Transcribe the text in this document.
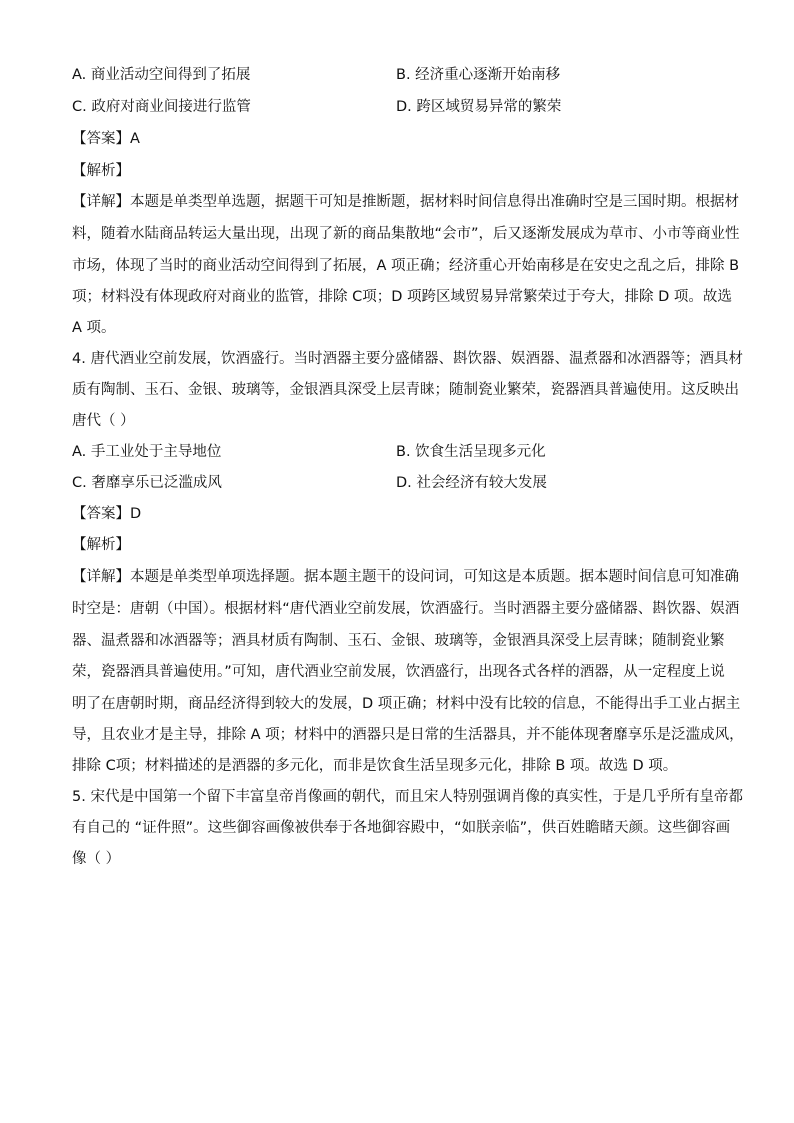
A. 商业活动空间得到了拓展	B. 经济重心逐渐开始南移
C. 政府对商业间接进行监管	D. 跨区域贸易异常的繁荣
【答案】A
【解析】
【详解】本题是单类型单选题，据题干可知是推断题，据材料时间信息得出准确时空是三国时期。根据材
料，随着水陆商品转运大量出现，出现了新的商品集散地“会市”，后又逐渐发展成为草市、小市等商业性
市场，体现了当时的商业活动空间得到了拓展，A 项正确；经济重心开始南移是在安史之乱之后，排除 B
项；材料没有体现政府对商业的监管，排除 C项；D 项跨区域贸易异常繁荣过于夸大，排除 D 项。故选
A 项。
4. 唐代酒业空前发展，饮酒盛行。当时酒器主要分盛储器、斟饮器、娱酒器、温煮器和冰酒器等；酒具材
质有陶制、玉石、金银、玻璃等，金银酒具深受上层青睐；随制瓷业繁荣，瓷器酒具普遍使用。这反映出
唐代（ ）
A. 手工业处于主导地位	B. 饮食生活呈现多元化
C. 奢靡享乐已泛滥成风	D. 社会经济有较大发展
【答案】D
【解析】
【详解】本题是单类型单项选择题。据本题主题干的设问词，可知这是本质题。据本题时间信息可知准确
时空是：唐朝（中国）。根据材料“唐代酒业空前发展，饮酒盛行。当时酒器主要分盛储器、斟饮器、娱酒
器、温煮器和冰酒器等；酒具材质有陶制、玉石、金银、玻璃等，金银酒具深受上层青睐；随制瓷业繁
荣，瓷器酒具普遍使用。”可知，唐代酒业空前发展，饮酒盛行，出现各式各样的酒器，从一定程度上说
明了在唐朝时期，商品经济得到较大的发展，D 项正确；材料中没有比较的信息，不能得出手工业占据主
导，且农业才是主导，排除 A 项；材料中的酒器只是日常的生活器具，并不能体现奢靡享乐是泛滥成风，
排除 C项；材料描述的是酒器的多元化，而非是饮食生活呈现多元化，排除 B 项。故选 D 项。
5. 宋代是中国第一个留下丰富皇帝肖像画的朝代，而且宋人特别强调肖像的真实性，于是几乎所有皇帝都
有自己的 “证件照”。这些御容画像被供奉于各地御容殿中，“如朕亲临”，供百姓瞻睹天颜。这些御容画
像（ ）
